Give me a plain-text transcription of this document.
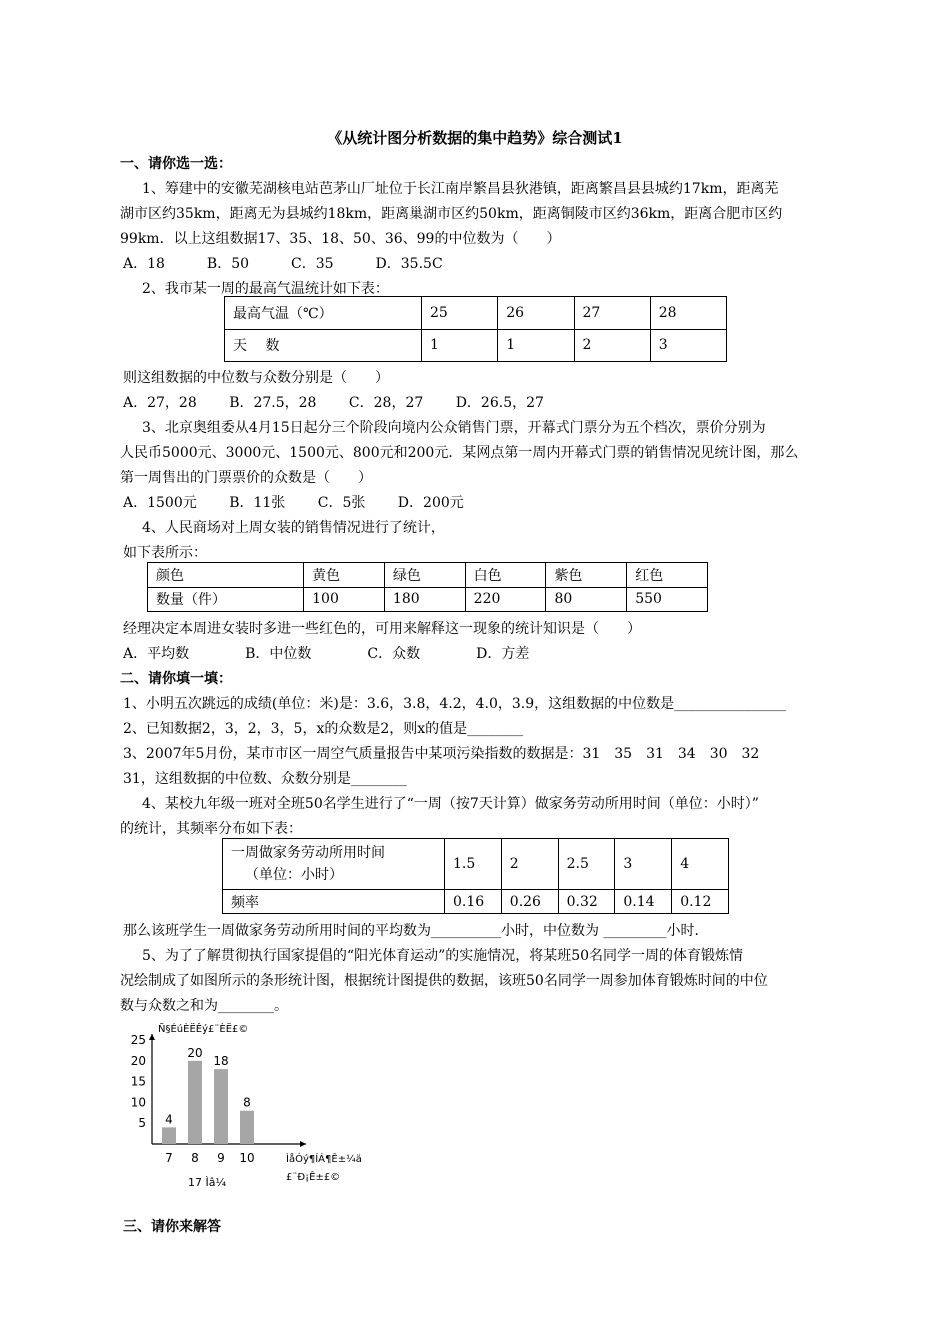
《从统计图分析数据的集中趋势》综合测试1
一、请你选一选：
1、筹建中的安徽芜湖核电站芭茅山厂址位于长江南岸繁昌县狄港镇，距离繁昌县县城约17km，距离芜
湖市区约35km，距离无为县城约18km，距离巢湖市区约50km，距离铜陵市区约36km，距离合肥市区约
99km．以上这组数据17、35、18、50、36、99的中位数为（　　）
A．18　　　B．50　　　C．35　　　D．35.5C
2、我市某一周的最高气温统计如下表：
最高气温（℃）	25	26	27	28
天　 数	1	1	2	3
则这组数据的中位数与众数分别是（　　）
A．27，28　　 B．27.5，28　　 C．28，27　　 D．26.5，27
3、北京奥组委从4月15日起分三个阶段向境内公众销售门票，开幕式门票分为五个档次，票价分别为
人民币5000元、3000元、1500元、800元和200元．某网点第一周内开幕式门票的销售情况见统计图，那么
第一周售出的门票票价的众数是（　　）
A．1500元　　 B．11张　　 C．5张　　 D．200元
4、人民商场对上周女装的销售情况进行了统计，
如下表所示：
颜色	黄色	绿色	白色	紫色	红色
数量（件）	100	180	220	80	550
经理决定本周进女装时多进一些红色的，可用来解释这一现象的统计知识是（　　）
A．平均数　　　　B．中位数　　　　C．众数　　　　D．方差
二、请你填一填：
1、小明五次跳远的成绩(单位：米)是：3.6，3.8，4.2，4.0，3.9，这组数据的中位数是________________
2、已知数据2，3，2，3，5，x的众数是2，则x的值是________
3、2007年5月份，某市市区一周空气质量报告中某项污染指数的数据是：31　35　31　34　30　32
31，这组数据的中位数、众数分别是________
4、某校九年级一班对全班50名学生进行了“一周（按7天计算）做家务劳动所用时间（单位：小时）”
的统计，其频率分布如下表：
一周做家务劳动所用时间
（单位：小时）	1.5	2	2.5	3	4
频率	0.16	0.26	0.32	0.14	0.12
那么该班学生一周做家务劳动所用时间的平均数为__________小时，中位数为 _________小时．
5、为了了解贯彻执行国家提倡的“阳光体育运动”的实施情况，将某班50名同学一周的体育锻炼情
况绘制成了如图所示的条形统计图，根据统计图提供的数据，该班50名同学一周参加体育锻炼时间的中位
数与众数之和为________。
Ñ§ÉúÈËÊý£¨ÈË£©
5
10
15
20
25
4
7
20
8
18
9
8
10	ÌåÓý¶ÍÁ¶Ê±¼ä
£¨Ð¡Ê±£©
17 Ìâ¼
三、请你来解答
